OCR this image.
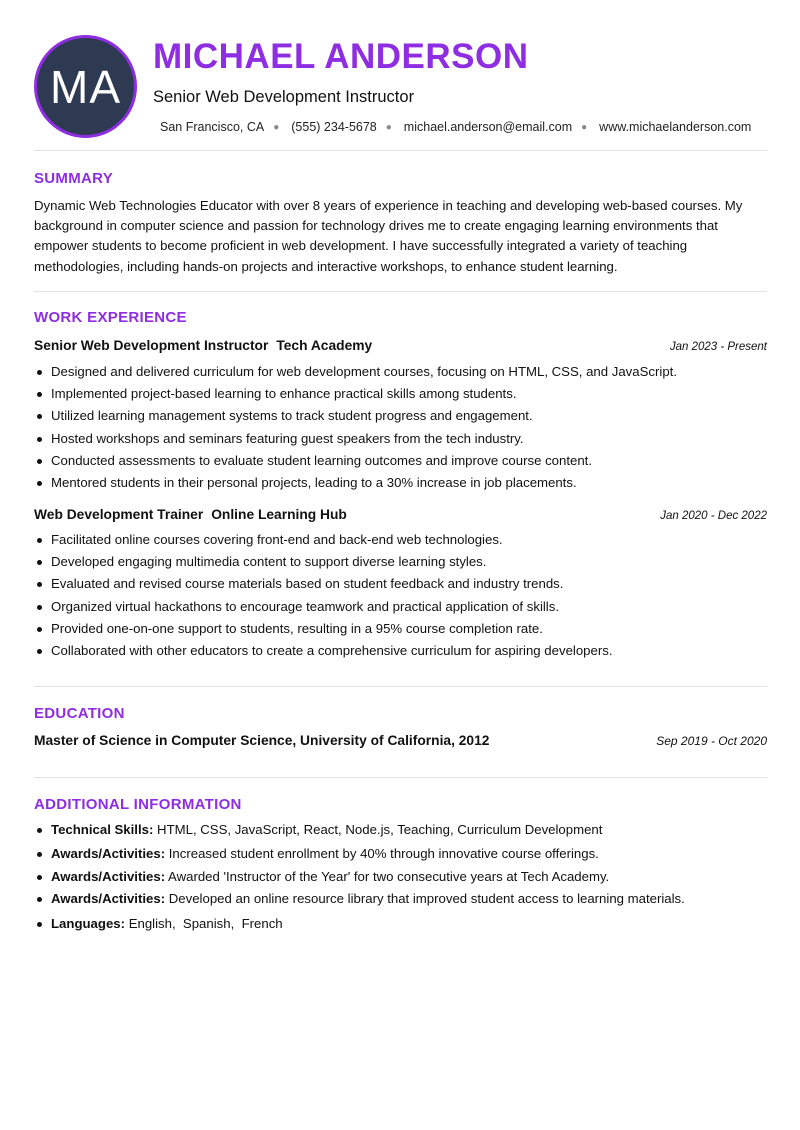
MA
MICHAEL ANDERSON
Senior Web Development Instructor
San Francisco, CA ● (555) 234-5678 ● michael.anderson@email.com ● www.michaelanderson.com
SUMMARY
Dynamic Web Technologies Educator with over 8 years of experience in teaching and developing web-based courses. My background in computer science and passion for technology drives me to create engaging learning environments that empower students to become proficient in web development. I have successfully integrated a variety of teaching methodologies, including hands-on projects and interactive workshops, to enhance student learning.
WORK EXPERIENCE
Senior Web Development Instructor Tech Academy	Jan 2023 - Present
Designed and delivered curriculum for web development courses, focusing on HTML, CSS, and JavaScript.
Implemented project-based learning to enhance practical skills among students.
Utilized learning management systems to track student progress and engagement.
Hosted workshops and seminars featuring guest speakers from the tech industry.
Conducted assessments to evaluate student learning outcomes and improve course content.
Mentored students in their personal projects, leading to a 30% increase in job placements.
Web Development Trainer Online Learning Hub	Jan 2020 - Dec 2022
Facilitated online courses covering front-end and back-end web technologies.
Developed engaging multimedia content to support diverse learning styles.
Evaluated and revised course materials based on student feedback and industry trends.
Organized virtual hackathons to encourage teamwork and practical application of skills.
Provided one-on-one support to students, resulting in a 95% course completion rate.
Collaborated with other educators to create a comprehensive curriculum for aspiring developers.
EDUCATION
Master of Science in Computer Science, University of California, 2012	Sep 2019 - Oct 2020
ADDITIONAL INFORMATION
Technical Skills: HTML, CSS, JavaScript, React, Node.js, Teaching, Curriculum Development
Awards/Activities: Increased student enrollment by 40% through innovative course offerings.
Awards/Activities: Awarded 'Instructor of the Year' for two consecutive years at Tech Academy.
Awards/Activities: Developed an online resource library that improved student access to learning materials.
Languages: English,  Spanish,  French
